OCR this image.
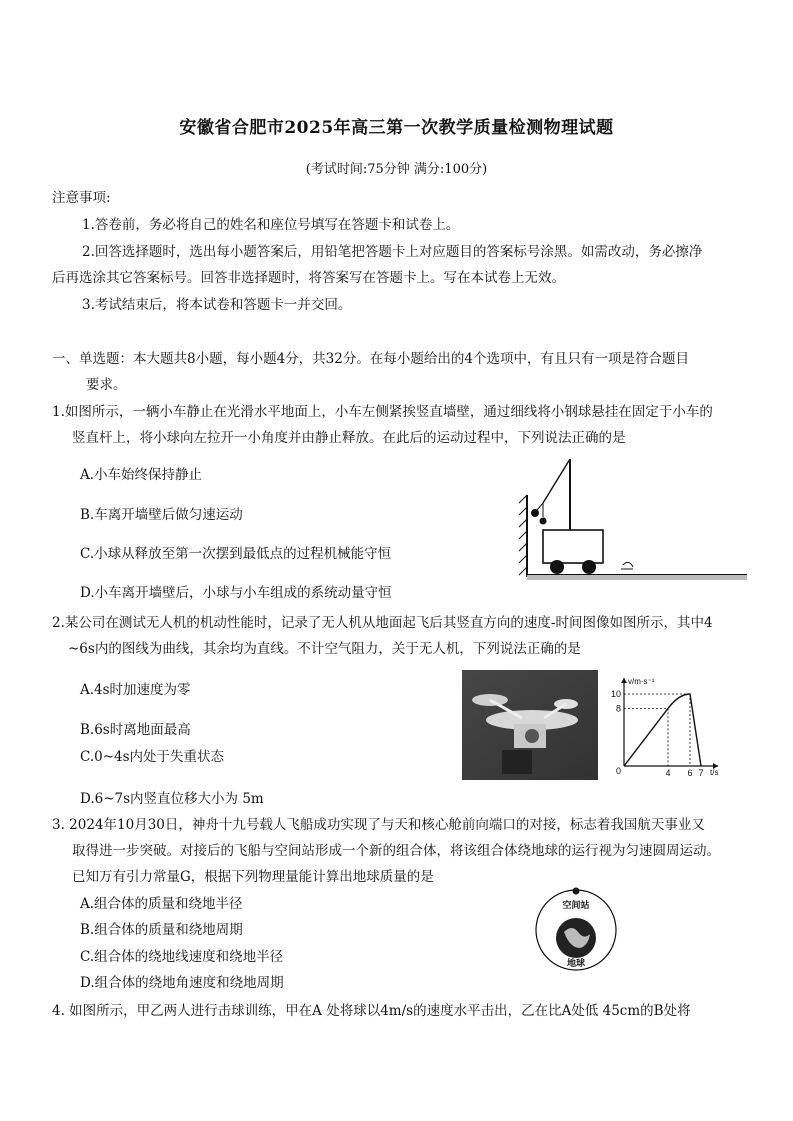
安徽省合肥市2025年高三第一次教学质量检测物理试题
(考试时间:75分钟 满分:100分)
注意事项:
1.答卷前，务必将自己的姓名和座位号填写在答题卡和试卷上。
2.回答选择题时，选出每小题答案后，用铅笔把答题卡上对应题目的答案标号涂黑。如需改动，务必擦净
后再选涂其它答案标号。回答非选择题时，将答案写在答题卡上。写在本试卷上无效。
3.考试结束后，将本试卷和答题卡一并交回。
一、单选题：本大题共8小题，每小题4分，共32分。在每小题给出的4个选项中，有且只有一项是符合题目
要求。
1.如图所示，一辆小车静止在光滑水平地面上，小车左侧紧挨竖直墙壁，通过细线将小钢球悬挂在固定于小车的
竖直杆上，将小球向左拉开一小角度并由静止释放。在此后的运动过程中，下列说法正确的是
A.小车始终保持静止
B.车离开墙壁后做匀速运动
C.小球从释放至第一次摆到最低点的过程机械能守恒
D.小车离开墙壁后，小球与小车组成的系统动量守恒
2.某公司在测试无人机的机动性能时，记录了无人机从地面起飞后其竖直方向的速度-时间图像如图所示，其中4
~6s内的图线为曲线，其余均为直线。不计空气阻力，关于无人机，下列说法正确的是
A.4s时加速度为零
B.6s时离地面最高
C.0~4s内处于失重状态
D.6~7s内竖直位移大小为 5m
v/m·s⁻¹
t/s
0
10
8
4 6 7
3. 2024年10月30日，神舟十九号载人飞船成功实现了与天和核心舱前向端口的对接，标志着我国航天事业又
取得进一步突破。对接后的飞船与空间站形成一个新的组合体，将该组合体绕地球的运行视为匀速圆周运动。
已知万有引力常量G，根据下列物理量能计算出地球质量的是
A.组合体的质量和绕地半径
B.组合体的质量和绕地周期
C.组合体的绕地线速度和绕地半径
D.组合体的绕地角速度和绕地周期
空间站
地球
4. 如图所示，甲乙两人进行击球训练，甲在A 处将球以4m/s的速度水平击出，乙在比A处低 45cm的B处将
